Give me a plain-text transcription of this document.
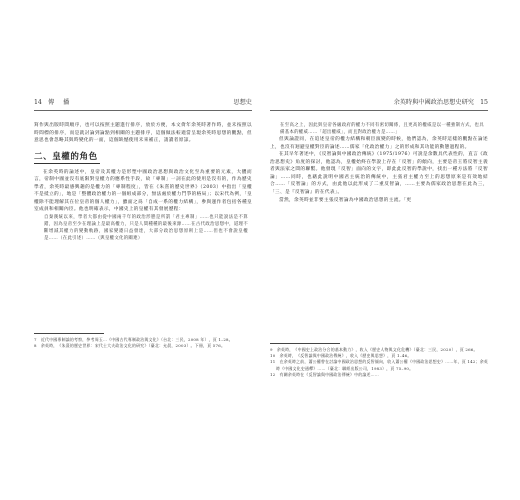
14 傳　播	思想史

寫作與出版時間順序，也可以按照主題進行排序，放於方便，本文倚年余英時著作時，並未按照以時間標的排序，而是就討論到論點到相關的主題排序，這個做法較適當呈現余英時思想的觀點，但意思也會忽略其與時變化的一面，這個缺憾使用未來補正，請讀者原諒。

二、皇權的角色

在余英時的論述中，皇帝及其權力是形塑中國政治思想與政治文化至為重要的元素，大體而言，帝制中國並沒有底限對皇權力的應系性手段，故「專制」一詞在此的使用是沒有的，作為歷史學者，余英時最感興趣的是權力的「專制程度」，皆在《朱熹的歷史世界》（2003）中指出「皇權不是抵立的」，地是「整體政治權力的一個組成部分，無法處於權力鬥爭的格局」；以宋代為例，「皇權除不能理解其在位皇帝的個人權力」，雖面之爲「自成一系的權力結構」，參與運作者包括各種皇室成員和相關內臣。他也明確表示，中國史上的皇權有其發展歷程：

自秦漢統以來，學者大都由從中國兩千年的政治形態是所謂「君主專制」……也只能說法是不算錯，因為皇帝至少在理論上是最高權力，只是人間種種的最後來源……在古代政治思想中，道理不斷增減其權力的變動軌跡，國家變遷日益發達，大部分政治思想原則上是……但也不會說皇權是……（在此引述）……（與皇權文化的關連）

7　近代中國專制論的考察，參考周玉…《中國古代專制政治與文化》（台北：三民，2008 年），頁 1–28。

8　余英時，《朱熹的歷史世界：宋代士大夫政治文化的研究》（臺北：允晨，2003）。下冊，頁 576。

余英時與中國政治思想史研究 15

在至高之上，因此與皇帝各級政府的權力不同有密切關係，且更高的權威是以一種強制方式，也具備基本的權威……「超出權威」，而且對政治權力是……」

但與論證同，在追述皇帝的權力結構和朝臣演變的時候，他們認為，余英時這樣的觀點在論述上，也沒有迴避皇權對臣的論述……儒家「化政治權力」之的形成和其功能的動態過程的。

在其早年著述中，《反智論與中國政治傳統》（1975/1976）可說是余數具代表性的，直言《政治思想史》角度的探討，他認為，皇權始終在學說上存在「反智」的傾向，主要是帝王將反智主義者與法家之間的聯繫。他發現「反智」面向的文字，即此此反智的學說中，找出一種方法將「反智論」……同時，也藉此說明中國君主統治的傳統中，主張君主權力至上的思想原來是有效地結合……「反智論」的方式，由此他以此形成了二重反智論，……主要為儒家政治思想在此為三，「三、是『反智論』的在代表」。

當然，余英時並非要主張反智論為中國政治思想的主流。「更

9　余英時，《中國史上政治分合的基本動力》，收入《歷史人物與文化危機》（臺北：三民，2020），頁 266。

10　余英時，《反智論與中國政治傳統》，收入《歷史與思想》，頁 1–46。

11　在余英時之前，蕭公權曾在討論中國政治思想的反智傾向，收入蕭公權《中國政治思想史》……年，頁 142；余英時《中國文化史通釋》……（臺北：聯經出版公司，1983），頁 75–90。

12　有關余英時在《反智論與中國政治傳統》中的論述……
